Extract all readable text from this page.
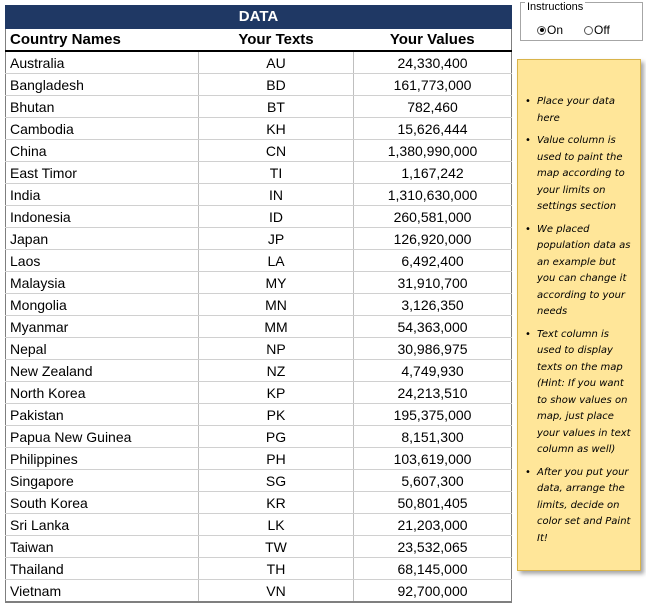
DATA		
Country Names	Your Texts	Your Values
Australia	AU	24,330,400
Bangladesh	BD	161,773,000
Bhutan	BT	782,460
Cambodia	KH	15,626,444
China	CN	1,380,990,000
East Timor	TI	1,167,242
India	IN	1,310,630,000
Indonesia	ID	260,581,000
Japan	JP	126,920,000
Laos	LA	6,492,400
Malaysia	MY	31,910,700
Mongolia	MN	3,126,350
Myanmar	MM	54,363,000
Nepal	NP	30,986,975
New Zealand	NZ	4,749,930
North Korea	KP	24,213,510
Pakistan	PK	195,375,000
Papua New Guinea	PG	8,151,300
Philippines	PH	103,619,000
Singapore	SG	5,607,300
South Korea	KR	50,801,405
Sri Lanka	LK	21,203,000
Taiwan	TW	23,532,065
Thailand	TH	68,145,000
Vietnam	VN	92,700,000
Instructions
On	Off
• Place your data here
• Value column is used to paint the map according to your limits on settings section
• We placed population data as an example but you can change it according to your needs
• Text column is used to display texts on the map (Hint: If you want to show values on map, just place your values in text column as well)
• After you put your data, arrange the limits, decide on color set and Paint It!
